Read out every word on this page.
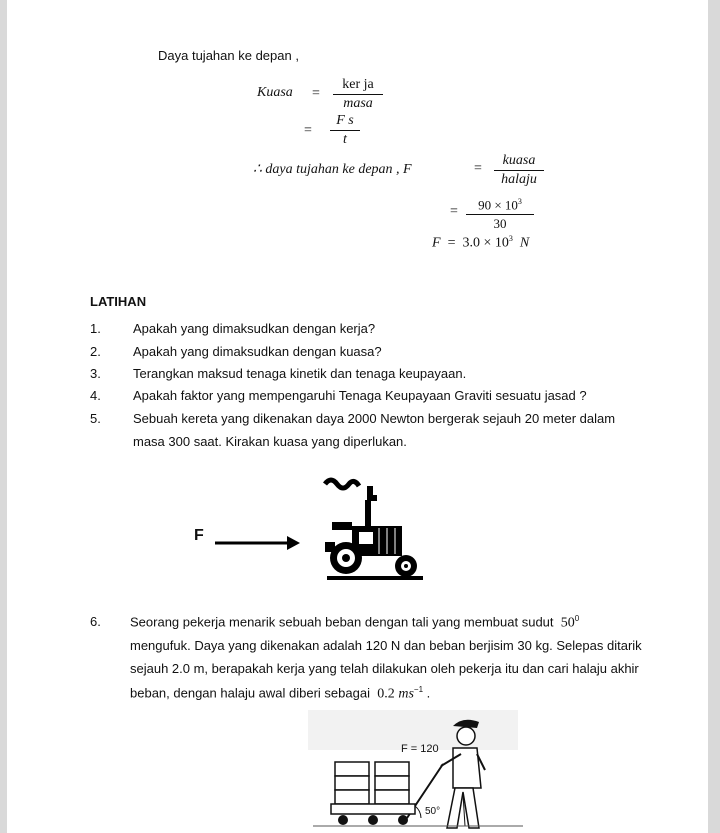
Daya tujahan ke depan ,
Kuasa =
ker ja
masa
= $\frac{\text{F s}}{t}$
∴ daya tujahan ke depan , F	=
kuasa
halaju
= $\frac{90 \times 10^3}{30}$
$F = 3.0 \times 10^3$ N
LATIHAN
1. Apakah yang dimaksudkan dengan kerja?
2. Apakah yang dimaksudkan dengan kuasa?
3. Terangkan maksud tenaga kinetik dan tenaga keupayaan.
4. Apakah faktor yang mempengaruhi Tenaga Keupayaan Graviti sesuatu jasad ?
5. Sebuah kereta yang dikenakan daya 2000 Newton bergerak sejauh 20 meter dalam
masa 300 saat. Kirakan kuasa yang diperlukan.
F
6. Seorang pekerja menarik sebuah beban dengan tali yang membuat sudut $50^0$
mengufuk. Daya yang dikenakan adalah 120 N dan beban berjisim 30 kg. Selepas ditarik
sejauh 2.0 m, berapakah kerja yang telah dilakukan oleh pekerja itu dan cari halaju akhir
beban, dengan halaju awal diberi sebagai 0.2 $ms^{-1}$ .
F = 120
50°
